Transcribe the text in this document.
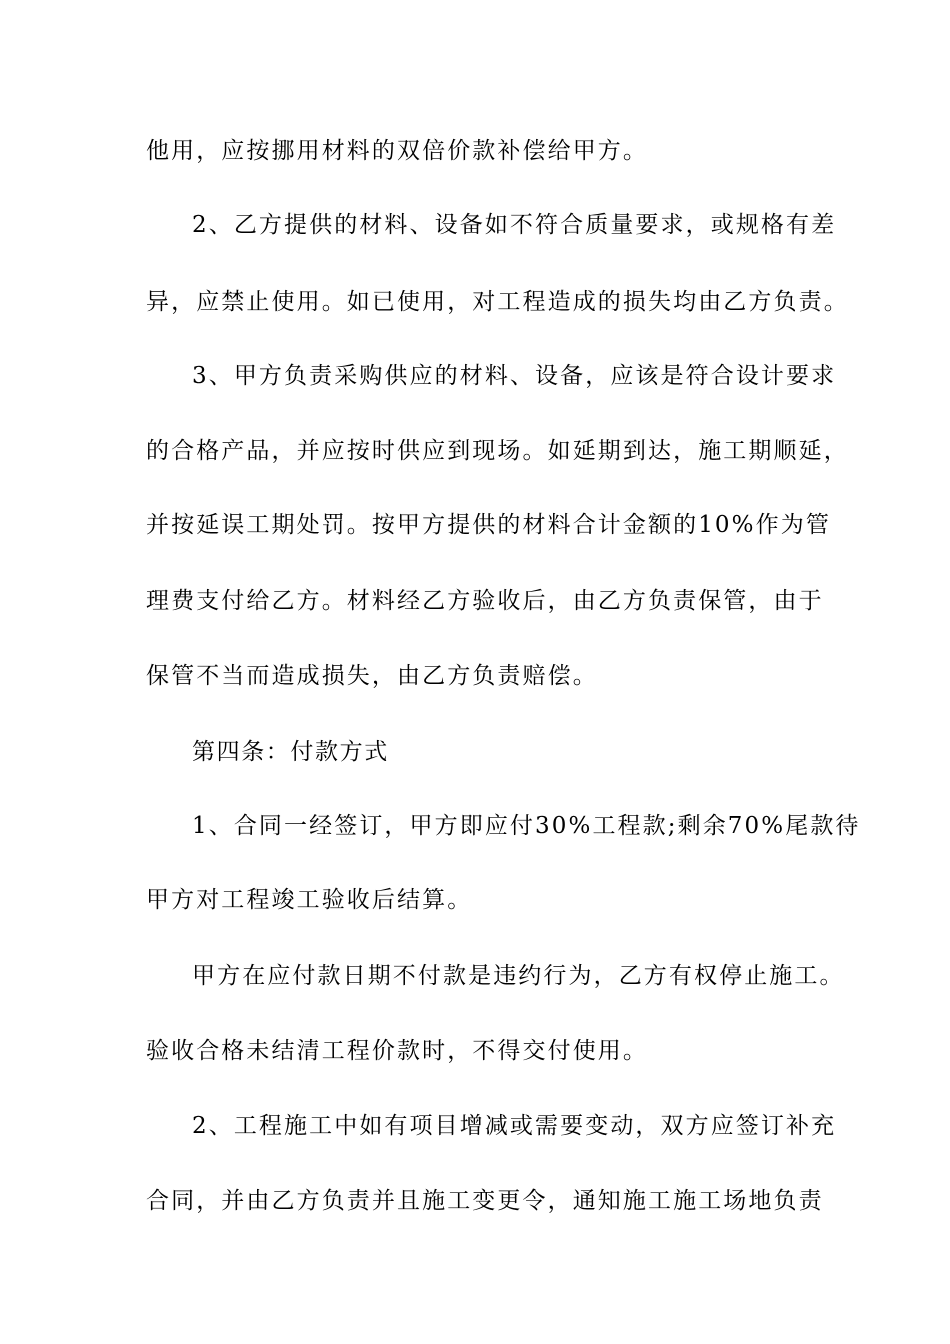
他用，应按挪用材料的双倍价款补偿给甲方。
2、乙方提供的材料、设备如不符合质量要求，或规格有差
异，应禁止使用。如已使用，对工程造成的损失均由乙方负责。
3、甲方负责采购供应的材料、设备，应该是符合设计要求
的合格产品，并应按时供应到现场。如延期到达，施工期顺延，
并按延误工期处罚。按甲方提供的材料合计金额的10%作为管
理费支付给乙方。材料经乙方验收后，由乙方负责保管，由于
保管不当而造成损失，由乙方负责赔偿。
第四条：付款方式
1、合同一经签订，甲方即应付30%工程款;剩余70%尾款待
甲方对工程竣工验收后结算。
甲方在应付款日期不付款是违约行为，乙方有权停止施工。
验收合格未结清工程价款时，不得交付使用。
2、工程施工中如有项目增减或需要变动，双方应签订补充
合同，并由乙方负责并且施工变更令，通知施工施工场地负责
